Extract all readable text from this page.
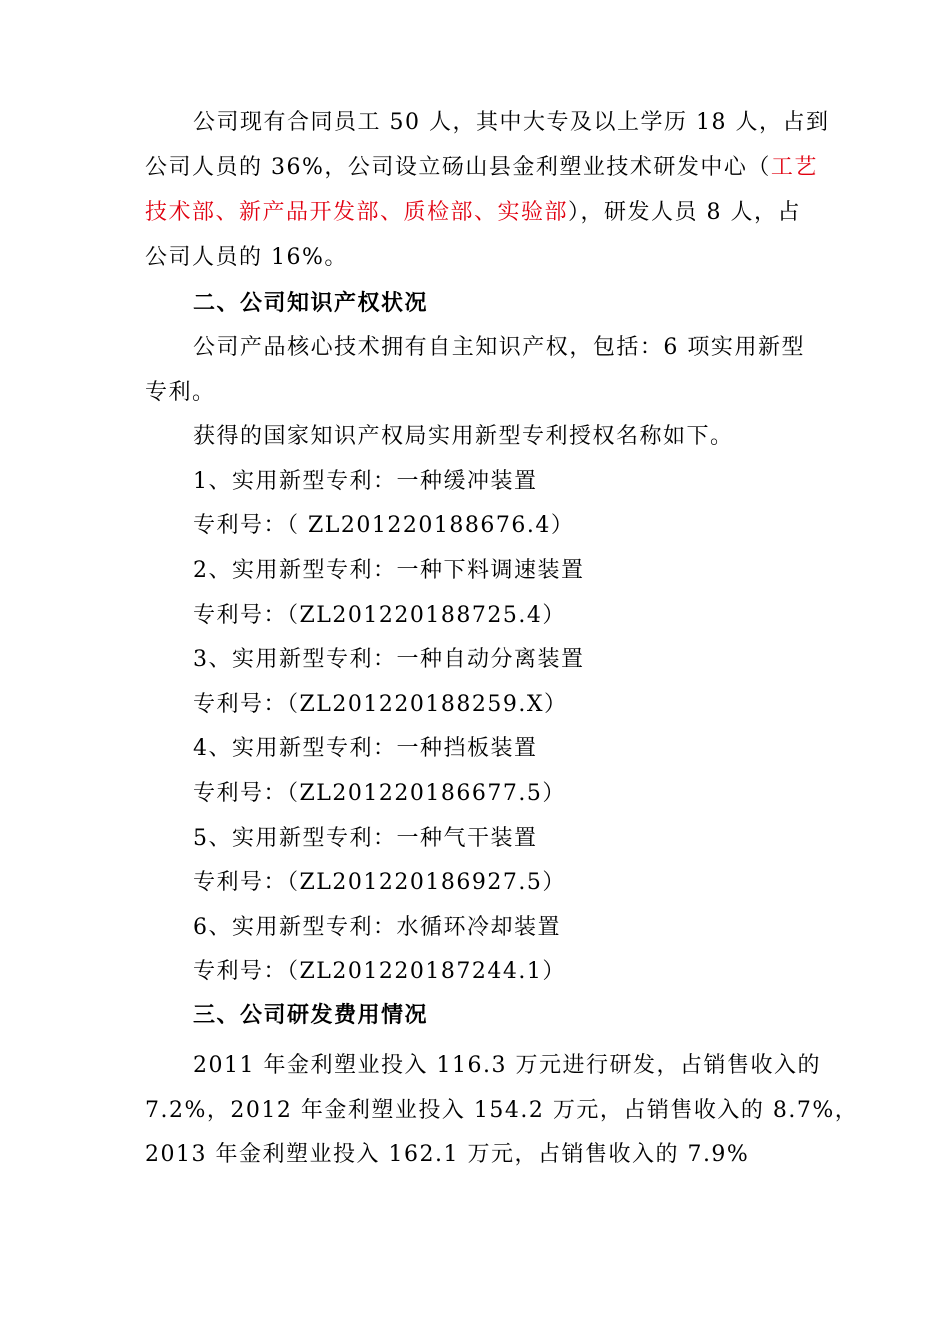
公司现有合同员工 50 人，其中大专及以上学历 18 人，占到
公司人员的 36%，公司设立砀山县金利塑业技术研发中心（工艺
技术部、新产品开发部、质检部、实验部），研发人员 8 人，占
公司人员的 16%。
二、公司知识产权状况
公司产品核心技术拥有自主知识产权，包括：6 项实用新型
专利。
获得的国家知识产权局实用新型专利授权名称如下。
1、实用新型专利：一种缓冲装置
专利号：（ ZL201220188676.4）
2、实用新型专利：一种下料调速装置
专利号：（ZL201220188725.4）
3、实用新型专利：一种自动分离装置
专利号：（ZL201220188259.X）
4、实用新型专利：一种挡板装置
专利号：（ZL201220186677.5）
5、实用新型专利：一种气干装置
专利号：（ZL201220186927.5）
6、实用新型专利：水循环冷却装置
专利号：（ZL201220187244.1）
三、公司研发费用情况
2011 年金利塑业投入 116.3 万元进行研发，占销售收入的
7.2%，2012 年金利塑业投入 154.2 万元，占销售收入的 8.7%，
2013 年金利塑业投入 162.1 万元，占销售收入的 7.9%
